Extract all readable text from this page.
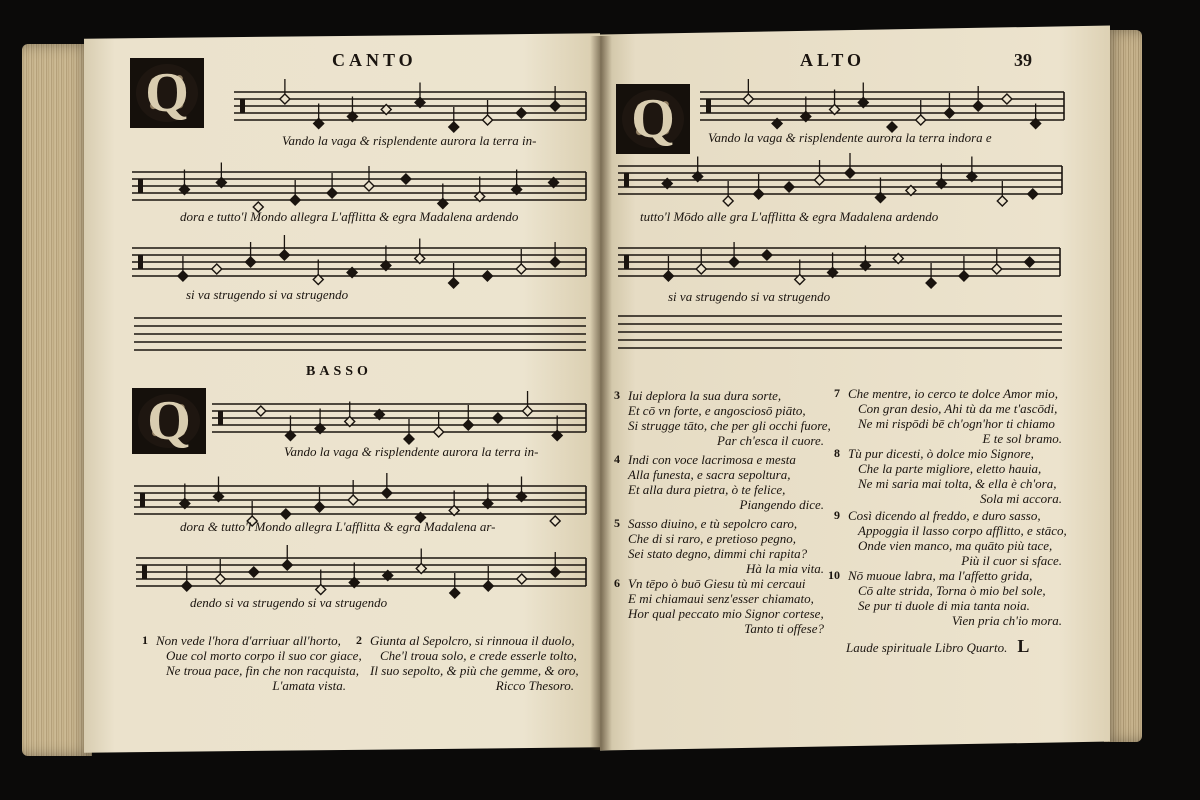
CANTO
Q
Vando la vaga & risplendente aurora la terra in-
dora e tutto'l Mondo allegra L'afflitta & egra Madalena ardendo
si va strugendo si va strugendo
BASSO
Q	Vando la vaga & risplendente aurora la terra in-
dora & tutto'l Mondo allegra L'afflitta & egra Madalena ar-
dendo si va strugendo si va strugendo
1 Non vede l'hora d'arriuar all'horto,
Oue col morto corpo il suo cor giace,
Ne troua pace, fin che non racquista,
L'amata vista.
2 Giunta al Sepolcro, si rinnoua il duolo,
Che'l troua solo, e crede esserle tolto,
Il suo sepolto, & più che gemme, & oro,
Ricco Thesoro.
ALTO	39
Q	Vando la vaga & risplendente aurora la terra indora e
tutto'l Mōdo alle gra L'afflitta & egra Madalena ardendo
si va strugendo si va strugendo
3 Iui deplora la sua dura sorte,
Et cō vn forte, e angosciosō piāto,
Si strugge tāto, che per gli occhi fuore,
Par ch'esca il cuore.
4 Indi con voce lacrimosa e mesta
Alla funesta, e sacra sepoltura,
Et alla dura pietra, ò te felice,
Piangendo dice.
5 Sasso diuino, e tù sepolcro caro,
Che di si raro, e pretioso pegno,
Sei stato degno, dimmi chi rapita?
Hà la mia vita.
6 Vn tēpo ò buō Giesu tù mi cercaui
E mi chiamaui senz'esser chiamato,
Hor qual peccato mio Signor cortese,
Tanto ti offese?
7 Che mentre, io cerco te dolce Amor mio,
Con gran desio, Ahi tù da me t'ascōdi,
Ne mi rispōdi bē ch'ogn'hor ti chiamo
E te sol bramo.
8 Tù pur dicesti, ò dolce mio Signore,
Che la parte migliore, eletto hauia,
Ne mi saria mai tolta, & ella è ch'ora,
Sola mi accora.
9 Così dicendo al freddo, e duro sasso,
Appoggia il lasso corpo afflitto, e stāco,
Onde vien manco, ma quāto più tace,
Più il cuor si sface.
10 Nō muoue labra, ma l'affetto grida,
Cō alte strida, Torna ò mio bel sole,
Se pur ti duole di mia tanta noia.
Vien pria ch'io mora.
Laude spirituale Libro Quarto. L
